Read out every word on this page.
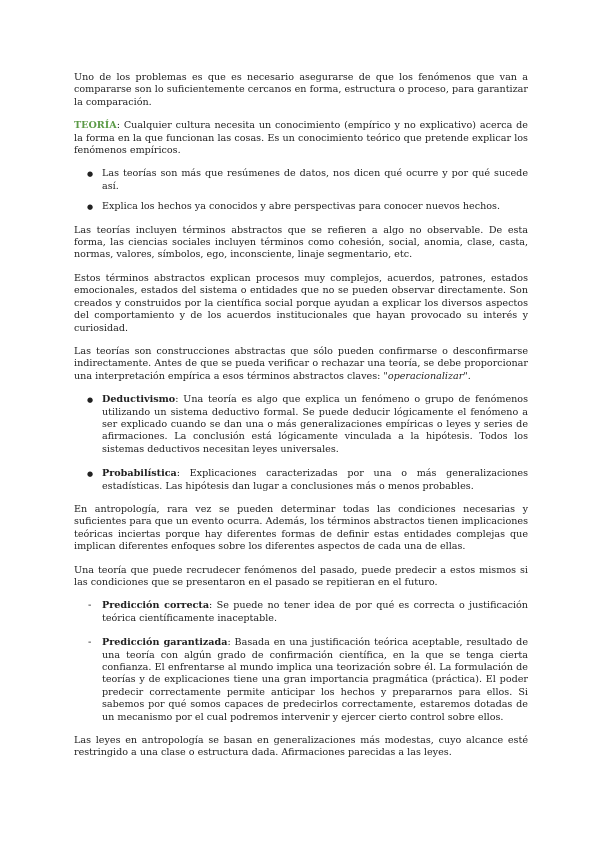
Uno de los problemas es que es necesario asegurarse de que los fenómenos que van a compararse son lo suficientemente cercanos en forma, estructura o proceso, para garantizar la comparación.

TEORÍA: Cualquier cultura necesita un conocimiento (empírico y no explicativo) acerca de la forma en la que funcionan las cosas. Es un conocimiento teórico que pretende explicar los fenómenos empíricos.

● Las teorías son más que resúmenes de datos, nos dicen qué ocurre y por qué sucede así.
● Explica los hechos ya conocidos y abre perspectivas para conocer nuevos hechos.

Las teorías incluyen términos abstractos que se refieren a algo no observable. De esta forma, las ciencias sociales incluyen términos como cohesión, social, anomia, clase, casta, normas, valores, símbolos, ego, inconsciente, linaje segmentario, etc.

Estos términos abstractos explican procesos muy complejos, acuerdos, patrones, estados emocionales, estados del sistema o entidades que no se pueden observar directamente. Son creados y construidos por la científica social porque ayudan a explicar los diversos aspectos del comportamiento y de los acuerdos institucionales que hayan provocado su interés y curiosidad.

Las teorías son construcciones abstractas que sólo pueden confirmarse o desconfirmarse indirectamente. Antes de que se pueda verificar o rechazar una teoría, se debe proporcionar una interpretación empírica a esos términos abstractos claves: "operacionalizar".

● Deductivismo: Una teoría es algo que explica un fenómeno o grupo de fenómenos utilizando un sistema deductivo formal. Se puede deducir lógicamente el fenómeno a ser explicado cuando se dan una o más generalizaciones empíricas o leyes y series de afirmaciones. La conclusión está lógicamente vinculada a la hipótesis. Todos los sistemas deductivos necesitan leyes universales.
● Probabilística: Explicaciones caracterizadas por una o más generalizaciones estadísticas. Las hipótesis dan lugar a conclusiones más o menos probables.

En antropología, rara vez se pueden determinar todas las condiciones necesarias y suficientes para que un evento ocurra. Además, los términos abstractos tienen implicaciones teóricas inciertas porque hay diferentes formas de definir estas entidades complejas que implican diferentes enfoques sobre los diferentes aspectos de cada una de ellas.

Una teoría que puede recrudecer fenómenos del pasado, puede predecir a estos mismos si las condiciones que se presentaron en el pasado se repitieran en el futuro.

- Predicción correcta: Se puede no tener idea de por qué es correcta o justificación teórica científicamente inaceptable.
- Predicción garantizada: Basada en una justificación teórica aceptable, resultado de una teoría con algún grado de confirmación científica, en la que se tenga cierta confianza. El enfrentarse al mundo implica una teorización sobre él. La formulación de teorías y de explicaciones tiene una gran importancia pragmática (práctica). El poder predecir correctamente permite anticipar los hechos y prepararnos para ellos. Si sabemos por qué somos capaces de predecirlos correctamente, estaremos dotadas de un mecanismo por el cual podremos intervenir y ejercer cierto control sobre ellos.

Las leyes en antropología se basan en generalizaciones más modestas, cuyo alcance esté restringido a una clase o estructura dada. Afirmaciones parecidas a las leyes.
